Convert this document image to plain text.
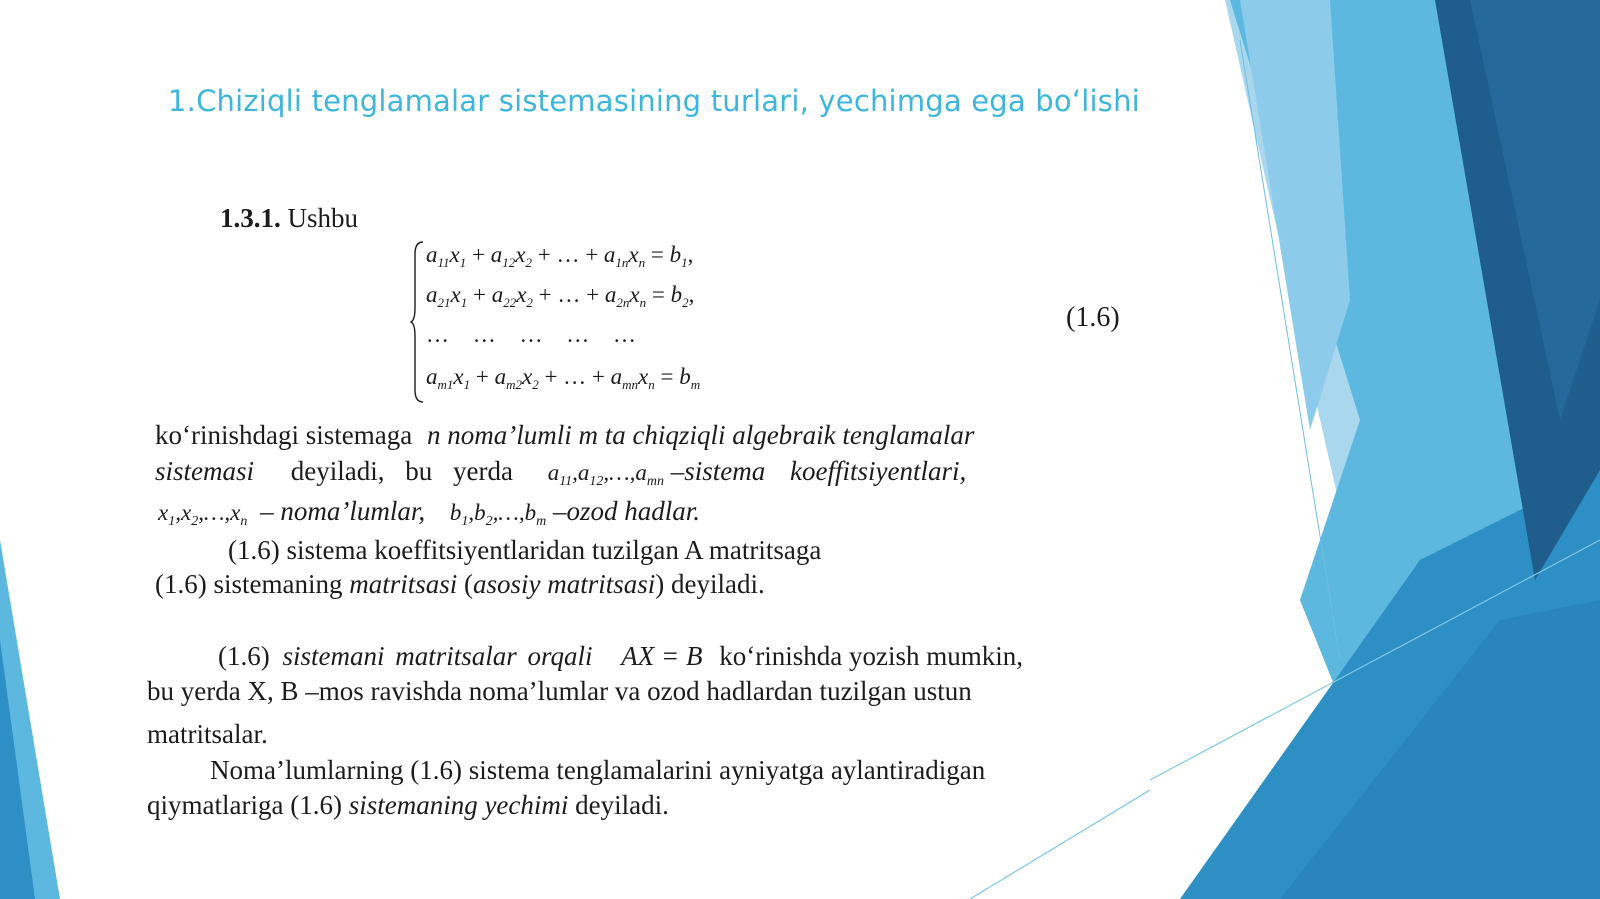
1.Chiziqli tenglamalar sistemasining turlari, yechimga ega bo‘lishi
1.3.1. Ushbu
$a_{11}x_1 + a_{12}x_2$ + … + $a_{1n}x_n = b_1$,
$a_{21}x_1 + a_{22}x_2$ + … + $a_{2n}x_n = b_2$,
… … … … …
$a_{m1}x_1 + a_{m2}x_2$ + … + $a_{mn}x_n = b_m$
(1.6)
ko‘rinishdagi sistemaga n noma’lumli m ta chiqziqli algebraik tenglamalar
sistemasi deyiladi, bu yerda $a_{11},a_{12},\dots,a_{mn}$ –sistema koeffitsiyentlari,
$x_1,x_2,\dots,x_n$ – noma’lumlar, $b_1,b_2,\dots,b_m$ –ozod hadlar.
(1.6) sistema koeffitsiyentlaridan tuzilgan A matritsaga
(1.6) sistemaning matritsasi (asosiy matritsasi) deyiladi.
(1.6) sistemani matritsalar orqali AX = B ko‘rinishda yozish mumkin,
bu yerda X, B –mos ravishda noma’lumlar va ozod hadlardan tuzilgan ustun
matritsalar.
Noma’lumlarning (1.6) sistema tenglamalarini ayniyatga aylantiradigan
qiymatlariga (1.6) sistemaning yechimi deyiladi.
